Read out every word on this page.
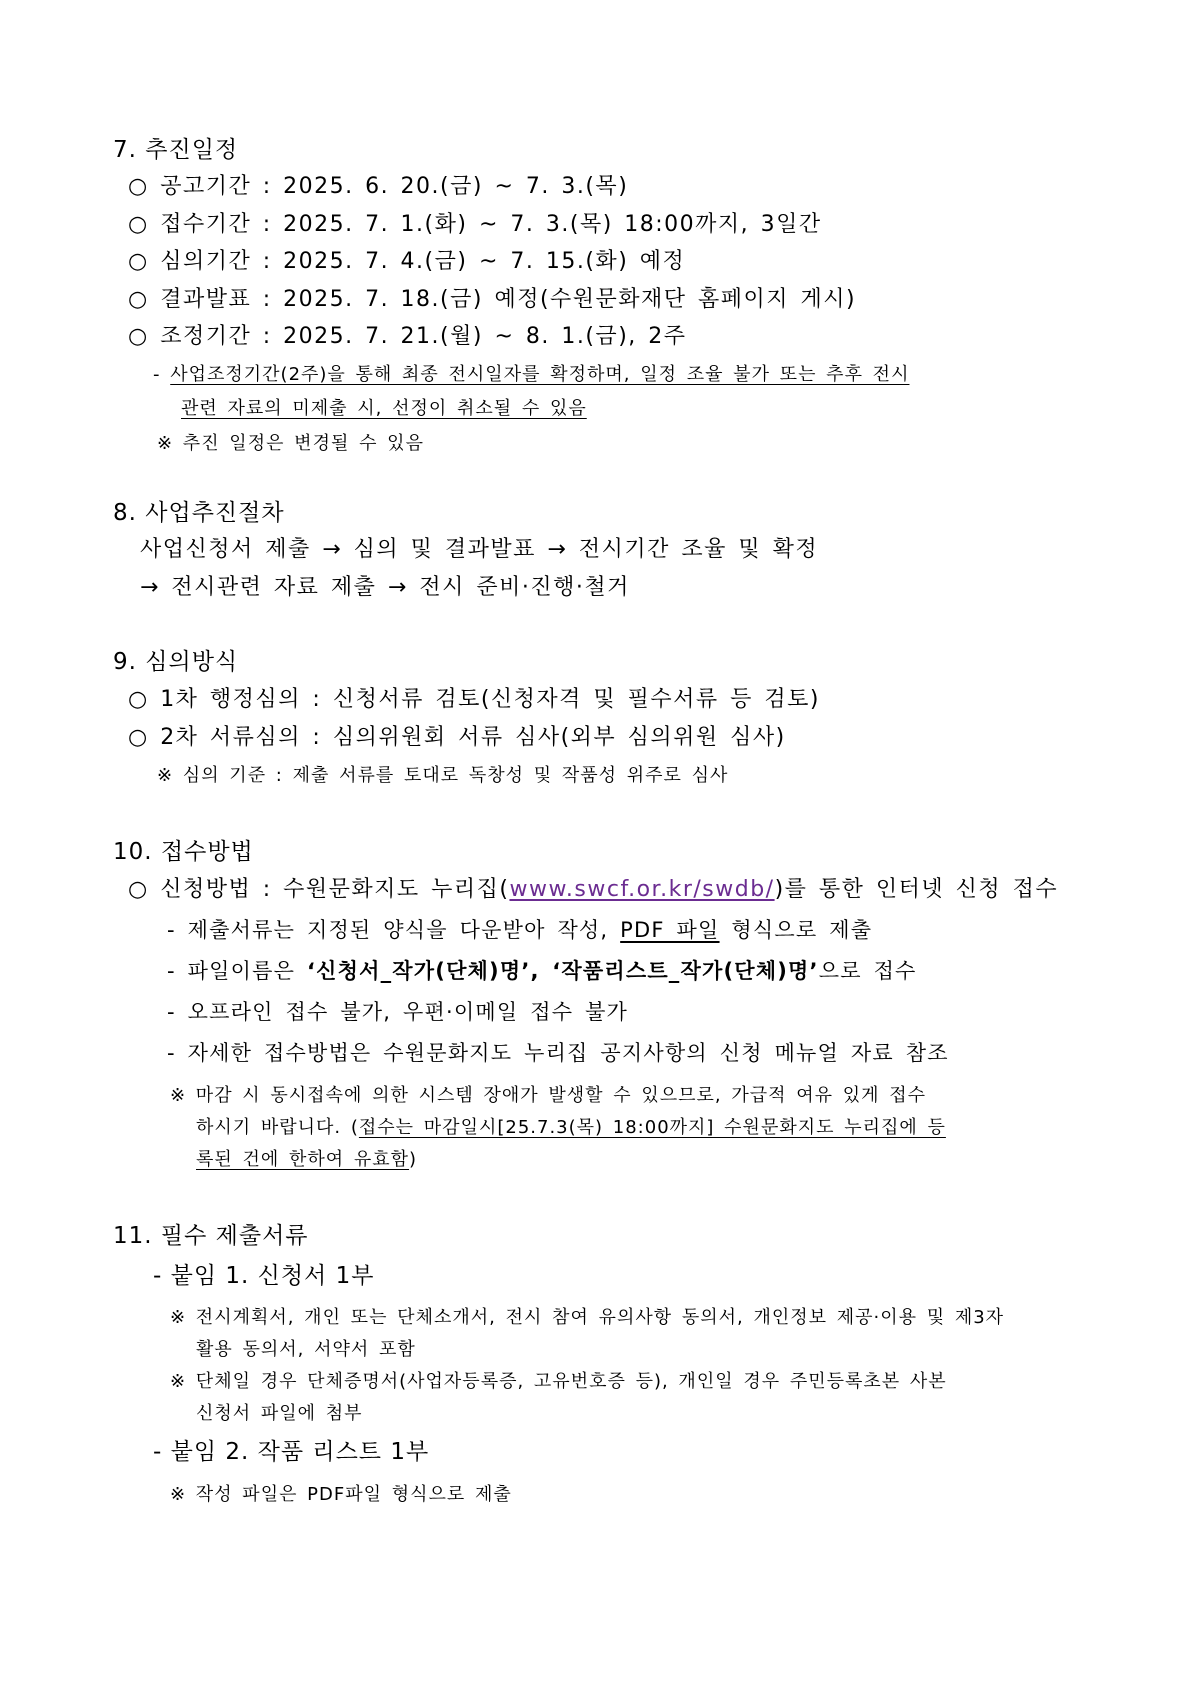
7. 추진일정
○ 공고기간 : 2025. 6. 20.(금) ~ 7. 3.(목)
○ 접수기간 : 2025. 7. 1.(화) ~ 7. 3.(목) 18:00까지, 3일간
○ 심의기간 : 2025. 7. 4.(금) ~ 7. 15.(화) 예정
○ 결과발표 : 2025. 7. 18.(금) 예정(수원문화재단 홈페이지 게시)
○ 조정기간 : 2025. 7. 21.(월) ~ 8. 1.(금), 2주
- 사업조정기간(2주)을 통해 최종 전시일자를 확정하며, 일정 조율 불가 또는 추후 전시
관련 자료의 미제출 시, 선정이 취소될 수 있음
※ 추진 일정은 변경될 수 있음
8. 사업추진절차
사업신청서 제출 → 심의 및 결과발표 → 전시기간 조율 및 확정
→ 전시관련 자료 제출 → 전시 준비·진행·철거
9. 심의방식
○ 1차 행정심의 : 신청서류 검토(신청자격 및 필수서류 등 검토)
○ 2차 서류심의 : 심의위원회 서류 심사(외부 심의위원 심사)
※ 심의 기준 : 제출 서류를 토대로 독창성 및 작품성 위주로 심사
10. 접수방법
○ 신청방법 : 수원문화지도 누리집(www.swcf.or.kr/swdb/)를 통한 인터넷 신청 접수
- 제출서류는 지정된 양식을 다운받아 작성, PDF 파일 형식으로 제출
- 파일이름은 ‘신청서_작가(단체)명’, ‘작품리스트_작가(단체)명’으로 접수
- 오프라인 접수 불가, 우편·이메일 접수 불가
- 자세한 접수방법은 수원문화지도 누리집 공지사항의 신청 메뉴얼 자료 참조
※ 마감 시 동시접속에 의한 시스템 장애가 발생할 수 있으므로, 가급적 여유 있게 접수
하시기 바랍니다. (접수는 마감일시[25.7.3(목) 18:00까지] 수원문화지도 누리집에 등
록된 건에 한하여 유효함)
11. 필수 제출서류
- 붙임 1. 신청서 1부
※ 전시계획서, 개인 또는 단체소개서, 전시 참여 유의사항 동의서, 개인정보 제공·이용 및 제3자
활용 동의서, 서약서 포함
※ 단체일 경우 단체증명서(사업자등록증, 고유번호증 등), 개인일 경우 주민등록초본 사본
신청서 파일에 첨부
- 붙임 2. 작품 리스트 1부
※ 작성 파일은 PDF파일 형식으로 제출
